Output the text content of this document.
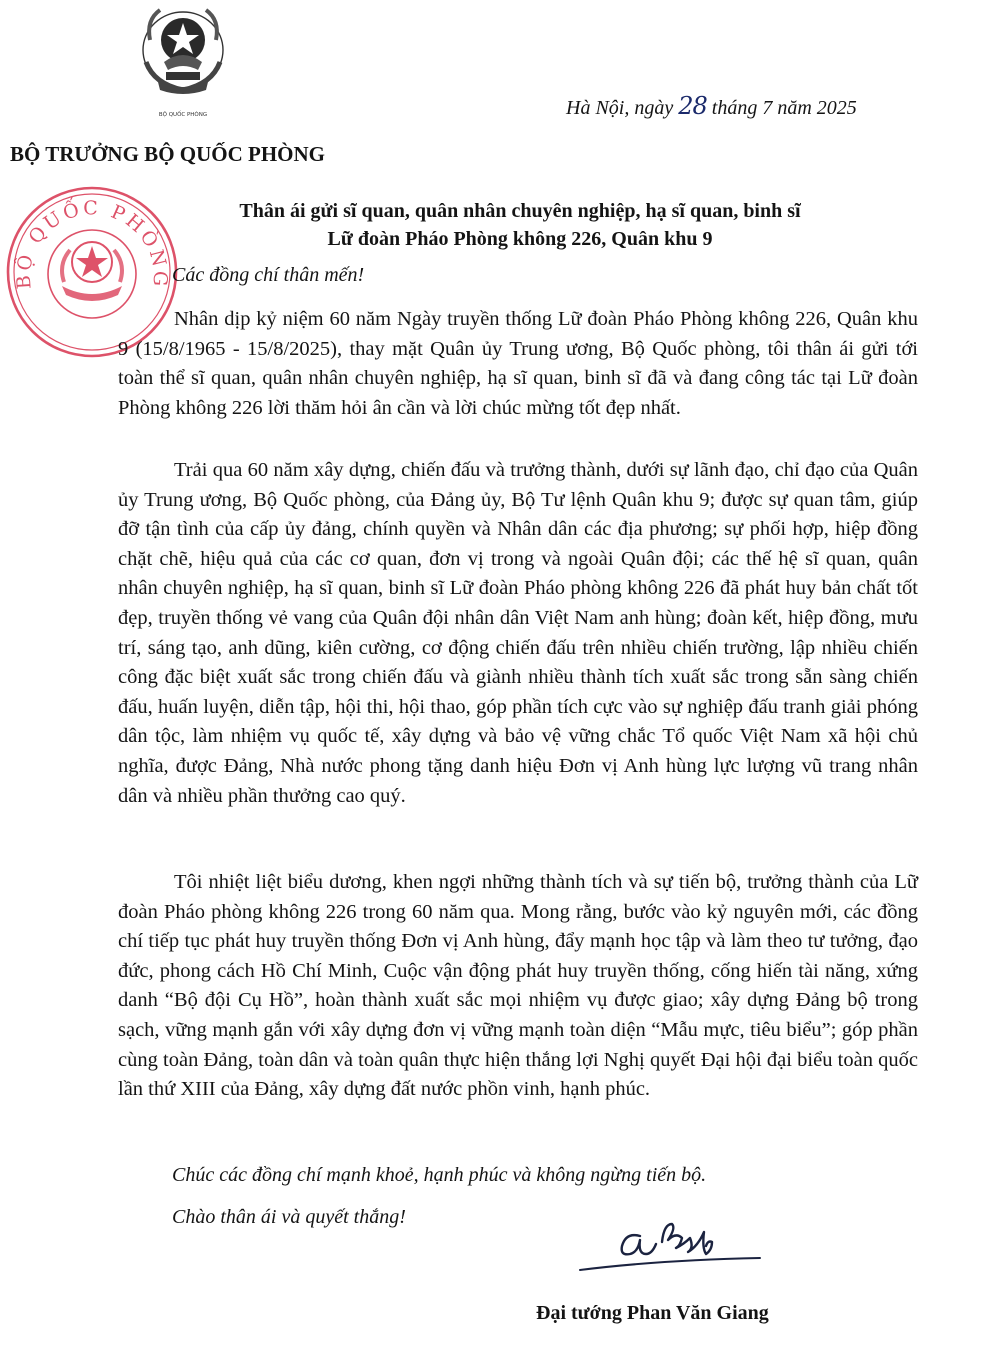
BỘ QUỐC PHÒNG
BỘ QUỐC PHÒNG
Hà Nội, ngày 28 tháng 7 năm 2025
BỘ TRƯỞNG BỘ QUỐC PHÒNG
Thân ái gửi sĩ quan, quân nhân chuyên nghiệp, hạ sĩ quan, binh sĩ
Lữ đoàn Pháo Phòng không 226, Quân khu 9
Các đồng chí thân mến!

Nhân dịp kỷ niệm 60 năm Ngày truyền thống Lữ đoàn Pháo Phòng không 226, Quân khu 9 (15/8/1965 - 15/8/2025), thay mặt Quân ủy Trung ương, Bộ Quốc phòng, tôi thân ái gửi tới toàn thể sĩ quan, quân nhân chuyên nghiệp, hạ sĩ quan, binh sĩ đã và đang công tác tại Lữ đoàn Phòng không 226 lời thăm hỏi ân cần và lời chúc mừng tốt đẹp nhất.

Trải qua 60 năm xây dựng, chiến đấu và trưởng thành, dưới sự lãnh đạo, chỉ đạo của Quân ủy Trung ương, Bộ Quốc phòng, của Đảng ủy, Bộ Tư lệnh Quân khu 9; được sự quan tâm, giúp đỡ tận tình của cấp ủy đảng, chính quyền và Nhân dân các địa phương; sự phối hợp, hiệp đồng chặt chẽ, hiệu quả của các cơ quan, đơn vị trong và ngoài Quân đội; các thế hệ sĩ quan, quân nhân chuyên nghiệp, hạ sĩ quan, binh sĩ Lữ đoàn Pháo phòng không 226 đã phát huy bản chất tốt đẹp, truyền thống vẻ vang của Quân đội nhân dân Việt Nam anh hùng; đoàn kết, hiệp đồng, mưu trí, sáng tạo, anh dũng, kiên cường, cơ động chiến đấu trên nhiều chiến trường, lập nhiều chiến công đặc biệt xuất sắc trong chiến đấu và giành nhiều thành tích xuất sắc trong sẵn sàng chiến đấu, huấn luyện, diễn tập, hội thi, hội thao, góp phần tích cực vào sự nghiệp đấu tranh giải phóng dân tộc, làm nhiệm vụ quốc tế, xây dựng và bảo vệ vững chắc Tổ quốc Việt Nam xã hội chủ nghĩa, được Đảng, Nhà nước phong tặng danh hiệu Đơn vị Anh hùng lực lượng vũ trang nhân dân và nhiều phần thưởng cao quý.

Tôi nhiệt liệt biểu dương, khen ngợi những thành tích và sự tiến bộ, trưởng thành của Lữ đoàn Pháo phòng không 226 trong 60 năm qua. Mong rằng, bước vào kỷ nguyên mới, các đồng chí tiếp tục phát huy truyền thống Đơn vị Anh hùng, đẩy mạnh học tập và làm theo tư tưởng, đạo đức, phong cách Hồ Chí Minh, Cuộc vận động phát huy truyền thống, cống hiến tài năng, xứng danh “Bộ đội Cụ Hồ”, hoàn thành xuất sắc mọi nhiệm vụ được giao; xây dựng Đảng bộ trong sạch, vững mạnh gắn với xây dựng đơn vị vững mạnh toàn diện “Mẫu mực, tiêu biểu”; góp phần cùng toàn Đảng, toàn dân và toàn quân thực hiện thắng lợi Nghị quyết Đại hội đại biểu toàn quốc lần thứ XIII của Đảng, xây dựng đất nước phồn vinh, hạnh phúc.

Chúc các đồng chí mạnh khoẻ, hạnh phúc và không ngừng tiến bộ.
Chào thân ái và quyết thắng!
Đại tướng Phan Văn Giang
